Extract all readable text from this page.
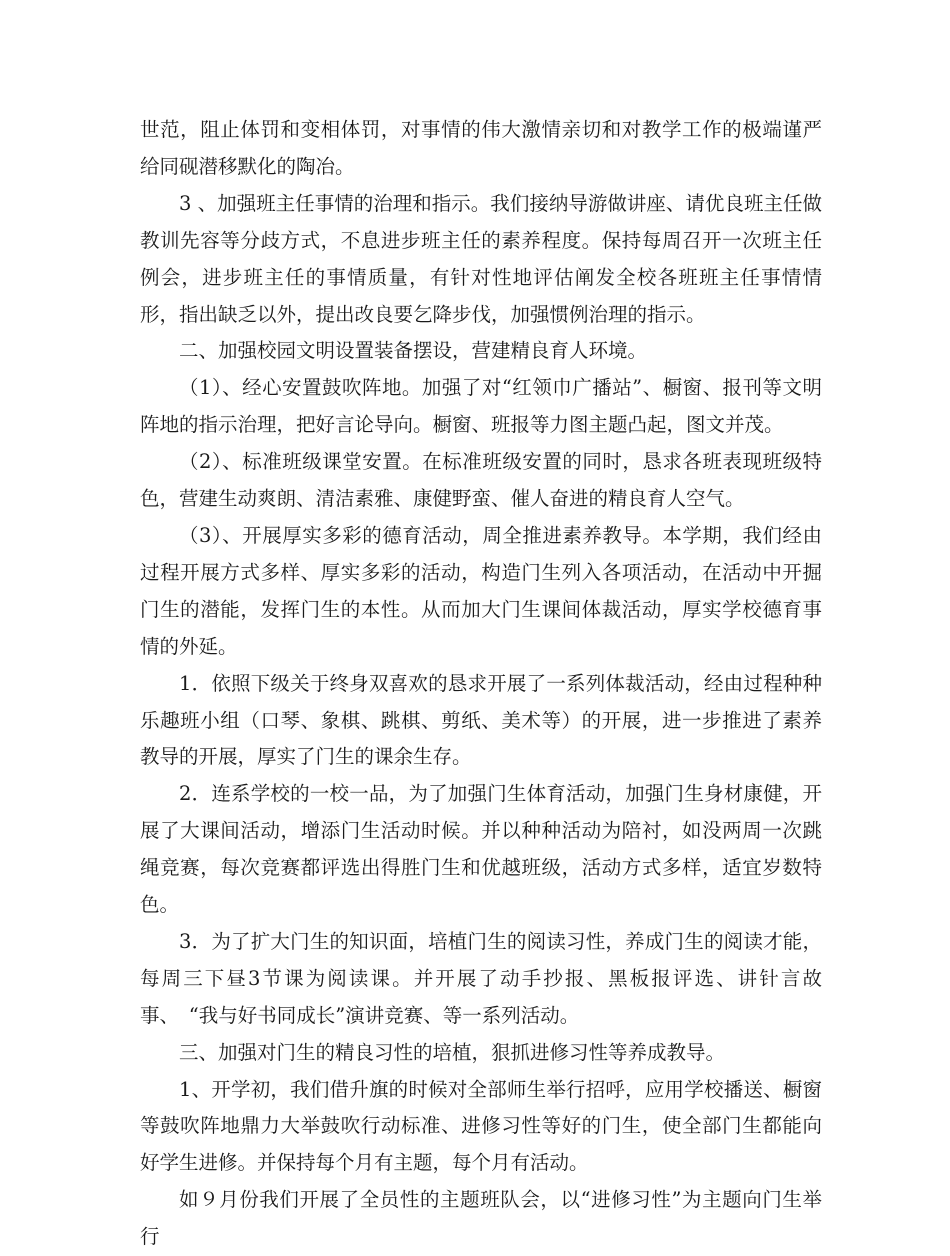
世范，阻止体罚和变相体罚，对事情的伟大激情亲切和对教学工作的极端谨严给同砚潜移默化的陶冶。

3 、加强班主任事情的治理和指示。我们接纳导游做讲座、请优良班主任做教训先容等分歧方式，不息进步班主任的素养程度。保持每周召开一次班主任例会，进步班主任的事情质量，有针对性地评估阐发全校各班班主任事情情形，指出缺乏以外，提出改良要乞降步伐，加强惯例治理的指示。

二、加强校园文明设置装备摆设，营建精良育人环境。

（1）、经心安置鼓吹阵地。加强了对“红领巾广播站”、橱窗、报刊等文明阵地的指示治理，把好言论导向。橱窗、班报等力图主题凸起，图文并茂。

（2）、标准班级课堂安置。在标准班级安置的同时，恳求各班表现班级特色，营建生动爽朗、清洁素雅、康健野蛮、催人奋进的精良育人空气。

（3）、开展厚实多彩的德育活动，周全推进素养教导。本学期，我们经由过程开展方式多样、厚实多彩的活动，构造门生列入各项活动，在活动中开掘门生的潜能，发挥门生的本性。从而加大门生课间体裁活动，厚实学校德育事情的外延。

1．依照下级关于终身双喜欢的恳求开展了一系列体裁活动，经由过程种种乐趣班小组（口琴、象棋、跳棋、剪纸、美术等）的开展，进一步推进了素养教导的开展，厚实了门生的课余生存。

2．连系学校的一校一品，为了加强门生体育活动，加强门生身材康健，开展了大课间活动，增添门生活动时候。并以种种活动为陪衬，如没两周一次跳绳竞赛，每次竞赛都评选出得胜门生和优越班级，活动方式多样，适宜岁数特色。

3．为了扩大门生的知识面，培植门生的阅读习性，养成门生的阅读才能，每周三下昼3节课为阅读课。并开展了动手抄报、黑板报评选、讲针言故事、　“我与好书同成长”演讲竞赛、等一系列活动。

三、加强对门生的精良习性的培植，狠抓进修习性等养成教导。

1、开学初，我们借升旗的时候对全部师生举行招呼，应用学校播送、橱窗等鼓吹阵地鼎力大举鼓吹行动标准、进修习性等好的门生，使全部门生都能向好学生进修。并保持每个月有主题，每个月有活动。

如９月份我们开展了全员性的主题班队会，以“进修习性”为主题向门生举行
